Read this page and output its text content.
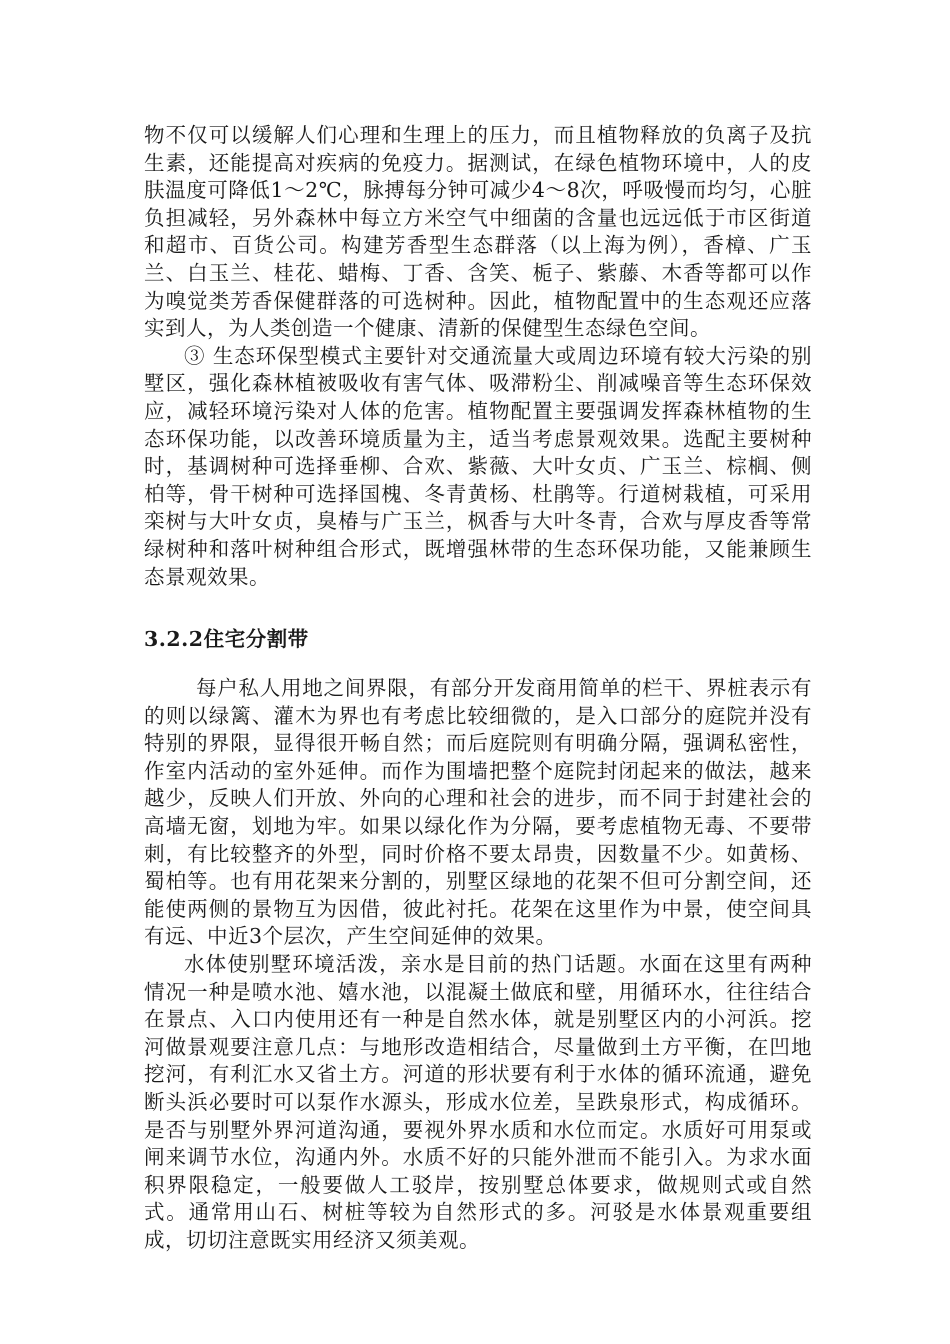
物不仅可以缓解人们心理和生理上的压力，而且植物释放的负离子及抗生素，还能提高对疾病的免疫力。据测试，在绿色植物环境中，人的皮肤温度可降低1～2℃，脉搏每分钟可减少4～8次，呼吸慢而均匀，心脏负担减轻，另外森林中每立方米空气中细菌的含量也远远低于市区街道和超市、百货公司。构建芳香型生态群落（以上海为例），香樟、广玉兰、白玉兰、桂花、蜡梅、丁香、含笑、栀子、紫藤、木香等都可以作为嗅觉类芳香保健群落的可选树种。因此，植物配置中的生态观还应落实到人，为人类创造一个健康、清新的保健型生态绿色空间。

③ 生态环保型模式主要针对交通流量大或周边环境有较大污染的别墅区，强化森林植被吸收有害气体、吸滞粉尘、削减噪音等生态环保效应，减轻环境污染对人体的危害。植物配置主要强调发挥森林植物的生态环保功能，以改善环境质量为主，适当考虑景观效果。选配主要树种时，基调树种可选择垂柳、合欢、紫薇、大叶女贞、广玉兰、棕榈、侧柏等，骨干树种可选择国槐、冬青黄杨、杜鹃等。行道树栽植，可采用栾树与大叶女贞，臭椿与广玉兰，枫香与大叶冬青，合欢与厚皮香等常绿树种和落叶树种组合形式，既增强林带的生态环保功能，又能兼顾生态景观效果。

3.2.2住宅分割带

每户私人用地之间界限，有部分开发商用简单的栏干、界桩表示有的则以绿篱、灌木为界也有考虑比较细微的，是入口部分的庭院并没有特别的界限，显得很开畅自然；而后庭院则有明确分隔，强调私密性，作室内活动的室外延伸。而作为围墙把整个庭院封闭起来的做法，越来越少，反映人们开放、外向的心理和社会的进步，而不同于封建社会的高墙无窗，划地为牢。如果以绿化作为分隔，要考虑植物无毒、不要带刺，有比较整齐的外型，同时价格不要太昂贵，因数量不少。如黄杨、蜀柏等。也有用花架来分割的，别墅区绿地的花架不但可分割空间，还能使两侧的景物互为因借，彼此衬托。花架在这里作为中景，使空间具有远、中近3个层次，产生空间延伸的效果。

水体使别墅环境活泼，亲水是目前的热门话题。水面在这里有两种情况一种是喷水池、嬉水池，以混凝土做底和壁，用循环水，往往结合在景点、入口内使用还有一种是自然水体，就是别墅区内的小河浜。挖河做景观要注意几点：与地形改造相结合，尽量做到土方平衡，在凹地挖河，有利汇水又省土方。河道的形状要有利于水体的循环流通，避免断头浜必要时可以泵作水源头，形成水位差，呈跌泉形式，构成循环。是否与别墅外界河道沟通，要视外界水质和水位而定。水质好可用泵或闸来调节水位，沟通内外。水质不好的只能外泄而不能引入。为求水面积界限稳定，一般要做人工驳岸，按别墅总体要求，做规则式或自然式。通常用山石、树桩等较为自然形式的多。河驳是水体景观重要组成，切切注意既实用经济又须美观。
